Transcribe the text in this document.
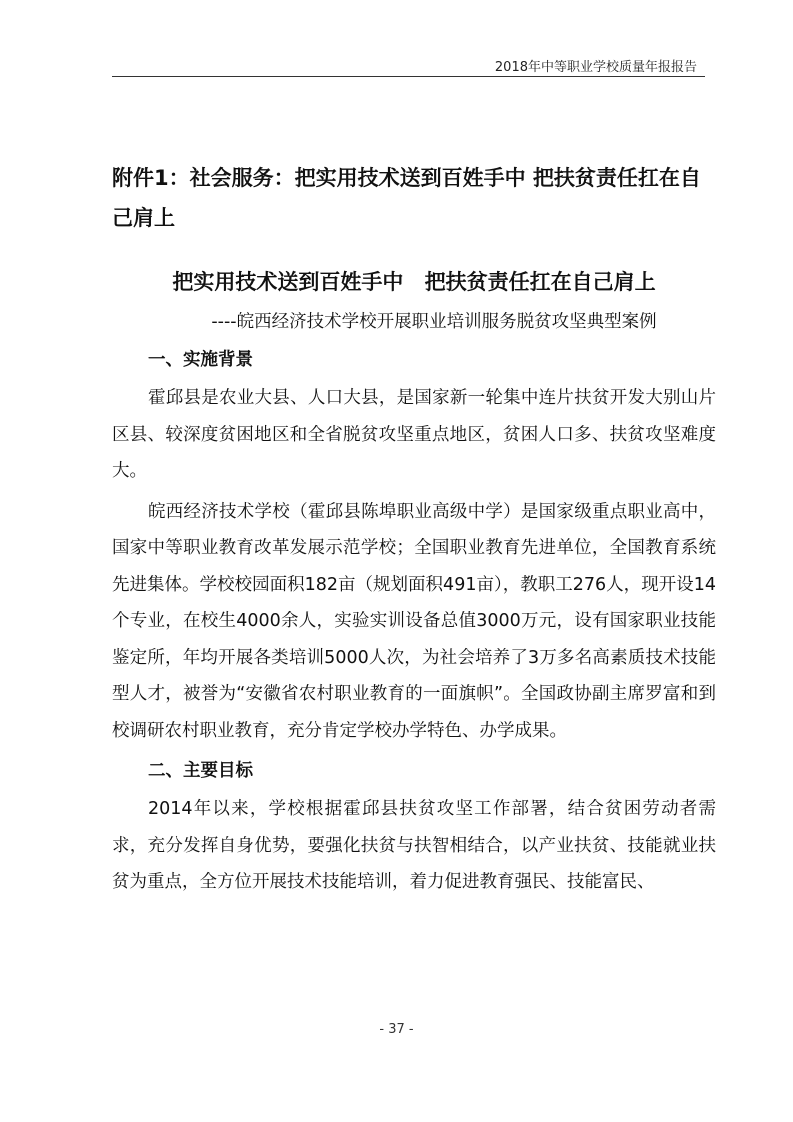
2018年中等职业学校质量年报报告
附件1：社会服务：把实用技术送到百姓手中 把扶贫责任扛在自己肩上
把实用技术送到百姓手中 把扶贫责任扛在自己肩上
----皖西经济技术学校开展职业培训服务脱贫攻坚典型案例
一、实施背景

霍邱县是农业大县、人口大县，是国家新一轮集中连片扶贫开发大别山片区县、较深度贫困地区和全省脱贫攻坚重点地区，贫困人口多、扶贫攻坚难度大。

皖西经济技术学校（霍邱县陈埠职业高级中学）是国家级重点职业高中，国家中等职业教育改革发展示范学校；全国职业教育先进单位，全国教育系统先进集体。学校校园面积182亩（规划面积491亩），教职工276人，现开设14个专业，在校生4000余人，实验实训设备总值3000万元，设有国家职业技能鉴定所，年均开展各类培训5000人次，为社会培养了3万多名高素质技术技能型人才，被誉为“安徽省农村职业教育的一面旗帜”。全国政协副主席罗富和到校调研农村职业教育，充分肯定学校办学特色、办学成果。

二、主要目标

2014年以来，学校根据霍邱县扶贫攻坚工作部署，结合贫困劳动者需求，充分发挥自身优势，要强化扶贫与扶智相结合，以产业扶贫、技能就业扶贫为重点，全方位开展技术技能培训，着力促进教育强民、技能富民、

- 37 -
